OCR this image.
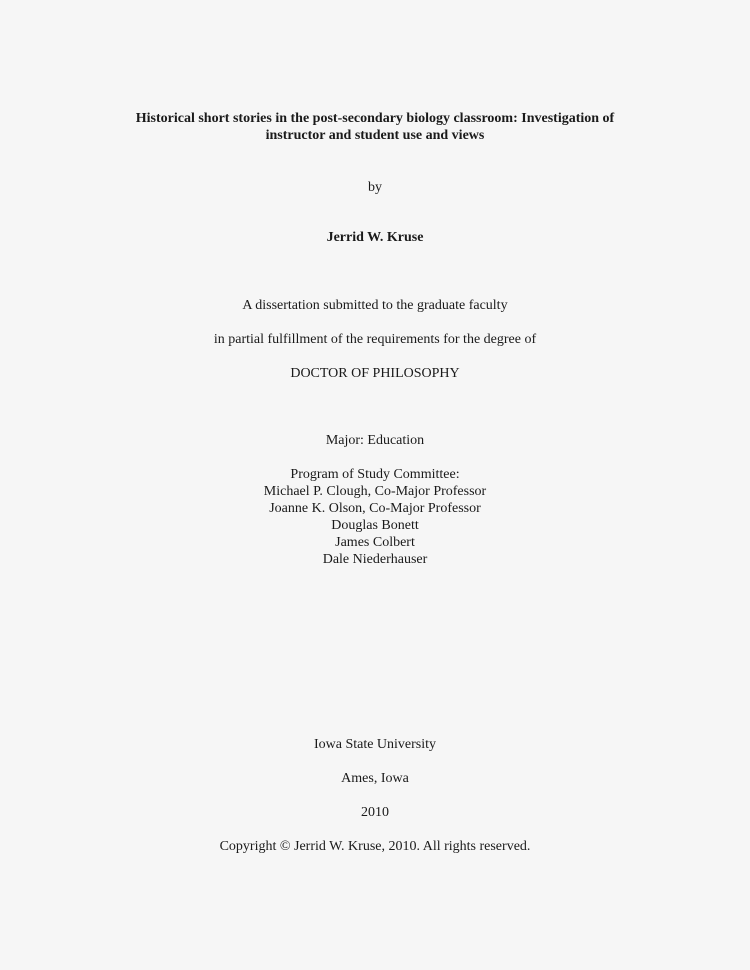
Historical short stories in the post-secondary biology classroom: Investigation of
instructor and student use and views
by
Jerrid W. Kruse
A dissertation submitted to the graduate faculty
in partial fulfillment of the requirements for the degree of
DOCTOR OF PHILOSOPHY
Major: Education
Program of Study Committee:
Michael P. Clough, Co-Major Professor
Joanne K. Olson, Co-Major Professor
Douglas Bonett
James Colbert
Dale Niederhauser
Iowa State University
Ames, Iowa
2010
Copyright © Jerrid W. Kruse, 2010. All rights reserved.
